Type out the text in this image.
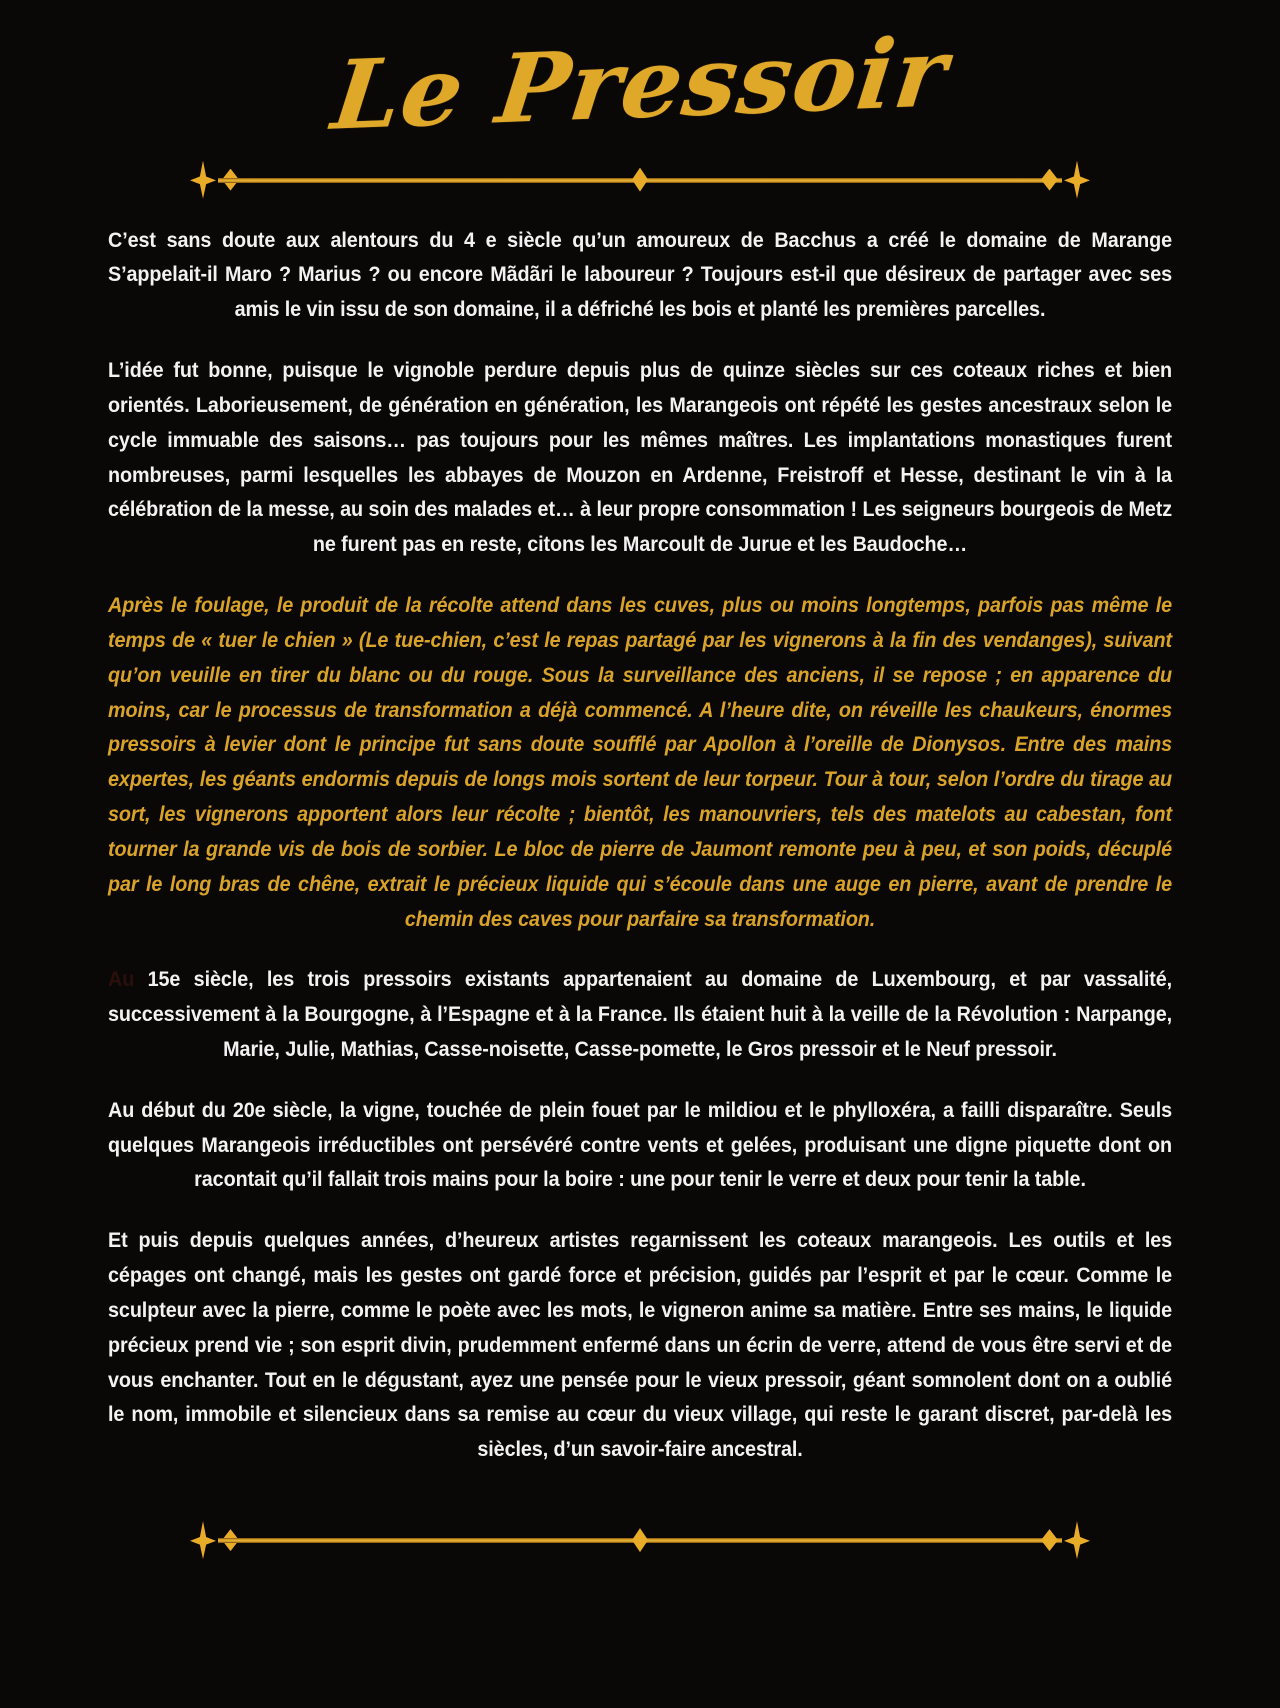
Le Pressoir

C’est sans doute aux alentours du 4 e siècle qu’un amoureux de Bacchus a créé le domaine de Marange S’appelait-il Maro ? Marius ? ou encore Mãdãri le laboureur ? Toujours est-il que désireux de partager avec ses amis le vin issu de son domaine, il a défriché les bois et planté les premières parcelles.

L’idée fut bonne, puisque le vignoble perdure depuis plus de quinze siècles sur ces coteaux riches et bien orientés. Laborieusement, de génération en génération, les Marangeois ont répété les gestes ancestraux selon le cycle immuable des saisons… pas toujours pour les mêmes maîtres. Les implantations monastiques furent nombreuses, parmi lesquelles les abbayes de Mouzon en Ardenne, Freistroff et Hesse, destinant le vin à la célébration de la messe, au soin des malades et… à leur propre consommation ! Les seigneurs bourgeois de Metz ne furent pas en reste, citons les Marcoult de Jurue et les Baudoche…

Après le foulage, le produit de la récolte attend dans les cuves, plus ou moins longtemps, parfois pas même le temps de « tuer le chien » (Le tue-chien, c’est le repas partagé par les vignerons à la fin des vendanges), suivant qu’on veuille en tirer du blanc ou du rouge. Sous la surveillance des anciens, il se repose ; en apparence du moins, car le processus de transformation a déjà commencé. A l’heure dite, on réveille les chaukeurs, énormes pressoirs à levier dont le principe fut sans doute soufflé par Apollon à l’oreille de Dionysos. Entre des mains expertes, les géants endormis depuis de longs mois sortent de leur torpeur. Tour à tour, selon l’ordre du tirage au sort, les vignerons apportent alors leur récolte ; bientôt, les manouvriers, tels des matelots au cabestan, font tourner la grande vis de bois de sorbier. Le bloc de pierre de Jaumont remonte peu à peu, et son poids, décuplé par le long bras de chêne, extrait le précieux liquide qui s’écoule dans une auge en pierre, avant de prendre le chemin des caves pour parfaire sa transformation.

Au 15e siècle, les trois pressoirs existants appartenaient au domaine de Luxembourg, et par vassalité, successivement à la Bourgogne, à l’Espagne et à la France. Ils étaient huit à la veille de la Révolution : Narpange, Marie, Julie, Mathias, Casse-noisette, Casse-pomette, le Gros pressoir et le Neuf pressoir.

Au début du 20e siècle, la vigne, touchée de plein fouet par le mildiou et le phylloxéra, a failli disparaître. Seuls quelques Marangeois irréductibles ont persévéré contre vents et gelées, produisant une digne piquette dont on racontait qu’il fallait trois mains pour la boire : une pour tenir le verre et deux pour tenir la table.

Et puis depuis quelques années, d’heureux artistes regarnissent les coteaux marangeois. Les outils et les cépages ont changé, mais les gestes ont gardé force et précision, guidés par l’esprit et par le cœur. Comme le sculpteur avec la pierre, comme le poète avec les mots, le vigneron anime sa matière. Entre ses mains, le liquide précieux prend vie ; son esprit divin, prudemment enfermé dans un écrin de verre, attend de vous être servi et de vous enchanter. Tout en le dégustant, ayez une pensée pour le vieux pressoir, géant somnolent dont on a oublié le nom, immobile et silencieux dans sa remise au cœur du vieux village, qui reste le garant discret, par-delà les siècles, d’un savoir-faire ancestral.
